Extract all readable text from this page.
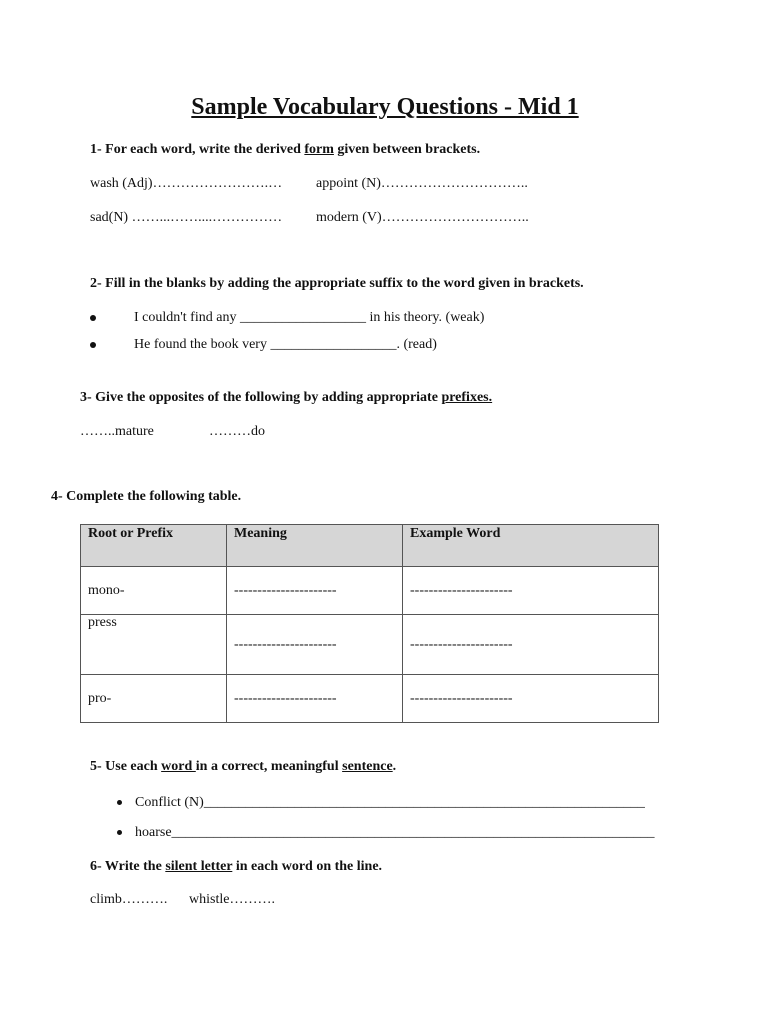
Sample Vocabulary Questions - Mid 1
1- For each word, write the derived form given between brackets.
wash (Adj)…………………….… appoint (N)…………………………..
sad(N) ……...……....…………… modern (V)…………………………..
2- Fill in the blanks by adding the appropriate suffix to the word given in brackets.
I couldn't find any __________________ in his theory. (weak)
He found the book very __________________. (read)
3- Give the opposites of the following by adding appropriate prefixes.
……..mature	………do
4- Complete the following table.
Root or Prefix	Meaning	Example Word
mono-	----------------------	----------------------
press	----------------------	----------------------
pro-	----------------------	----------------------
5- Use each word in a correct, meaningful sentence.
Conflict (N)_______________________________________________________________
hoarse_____________________________________________________________________
6- Write the silent letter in each word on the line.
climb………. whistle……….
